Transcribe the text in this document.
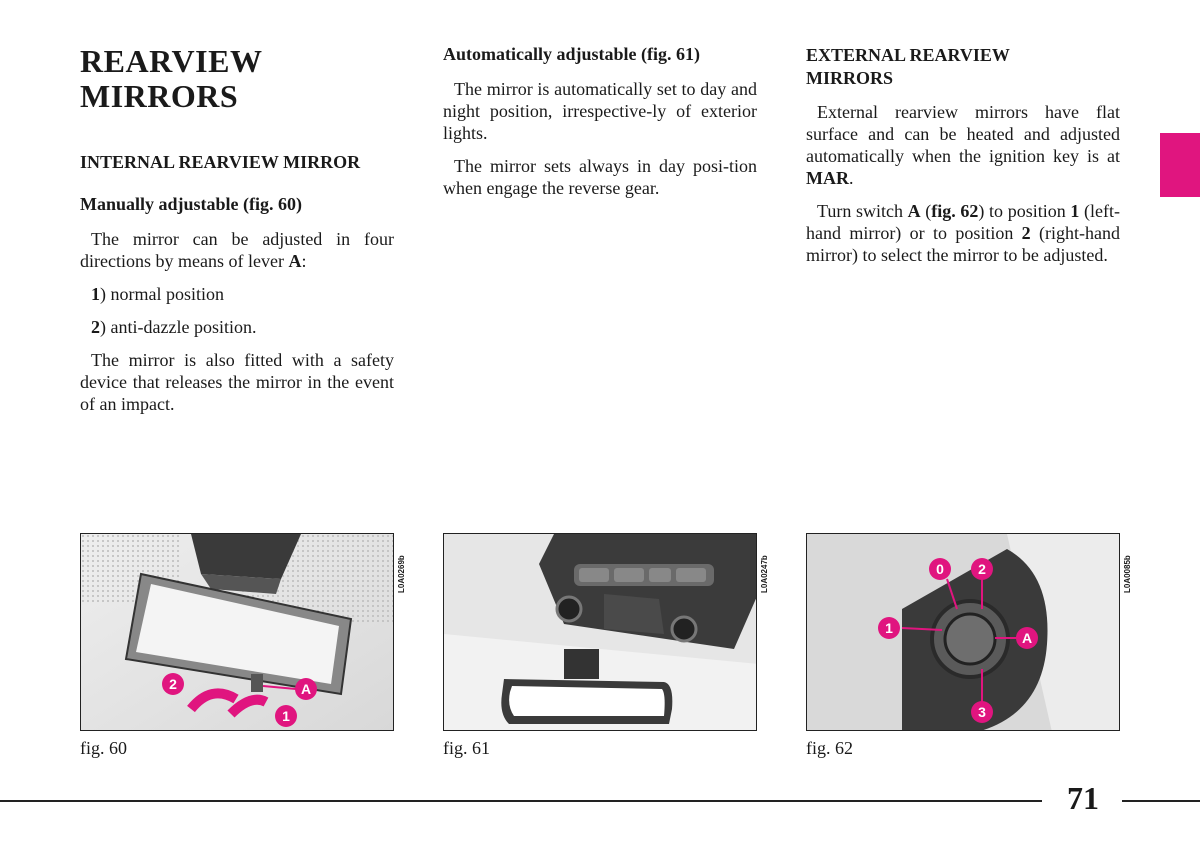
REARVIEW
MIRRORS
INTERNAL REARVIEW MIRROR
Manually adjustable (fig. 60)

The mirror can be adjusted in four directions by means of lever A:

1) normal position

2) anti-dazzle position.

The mirror is also fitted with a safety device that releases the mirror in the event of an impact.

Automatically adjustable (fig. 61)

The mirror is automatically set to day and night position, irrespective-ly of exterior lights.

The mirror sets always in day posi-tion when engage the reverse gear.

EXTERNAL REARVIEW
MIRRORS

External rearview mirrors have flat surface and can be heated and adjusted automatically when the ignition key is at MAR.

Turn switch A (fig. 62) to position 1 (left-hand mirror) or to position 2 (right-hand mirror) to select the mirror to be adjusted.

2	A
1
L0A0269b
fig. 60
L0A0247b
fig. 61
0 2
1
A
3
L0A0085b
fig. 62
71
